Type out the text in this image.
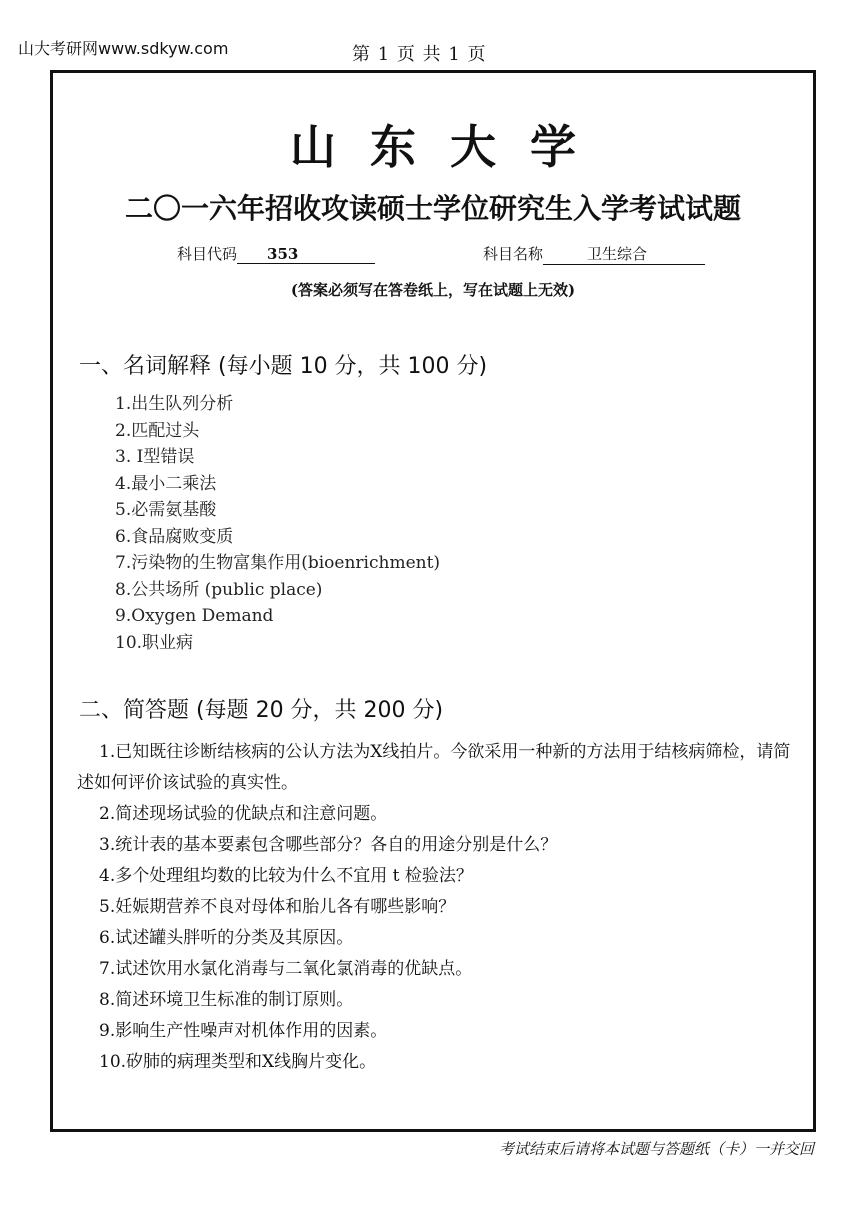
山大考研网www.sdkyw.com	第 1 页 共 1 页
山东大学
二〇一六年招收攻读硕士学位研究生入学考试试题
科目代码 353	科目名称	卫生综合
(答案必须写在答卷纸上，写在试题上无效)
一、名词解释 (每小题 10 分，共 100 分)
1.出生队列分析
2.匹配过头
3. Ⅰ型错误
4.最小二乘法
5.必需氨基酸
6.食品腐败变质
7.污染物的生物富集作用(bioenrichment)
8.公共场所 (public place)
9.Oxygen Demand
10.职业病
二、简答题 (每题 20 分，共 200 分)
1.已知既往诊断结核病的公认方法为X线拍片。今欲采用一种新的方法用于结核病筛检，请简述如何评价该试验的真实性。
2.简述现场试验的优缺点和注意问题。
3.统计表的基本要素包含哪些部分？各自的用途分别是什么？
4.多个处理组均数的比较为什么不宜用 t 检验法？
5.妊娠期营养不良对母体和胎儿各有哪些影响？
6.试述罐头胖听的分类及其原因。
7.试述饮用水氯化消毒与二氧化氯消毒的优缺点。
8.简述环境卫生标准的制订原则。
9.影响生产性噪声对机体作用的因素。
10.矽肺的病理类型和X线胸片变化。
考试结束后请将本试题与答题纸（卡）一并交回
